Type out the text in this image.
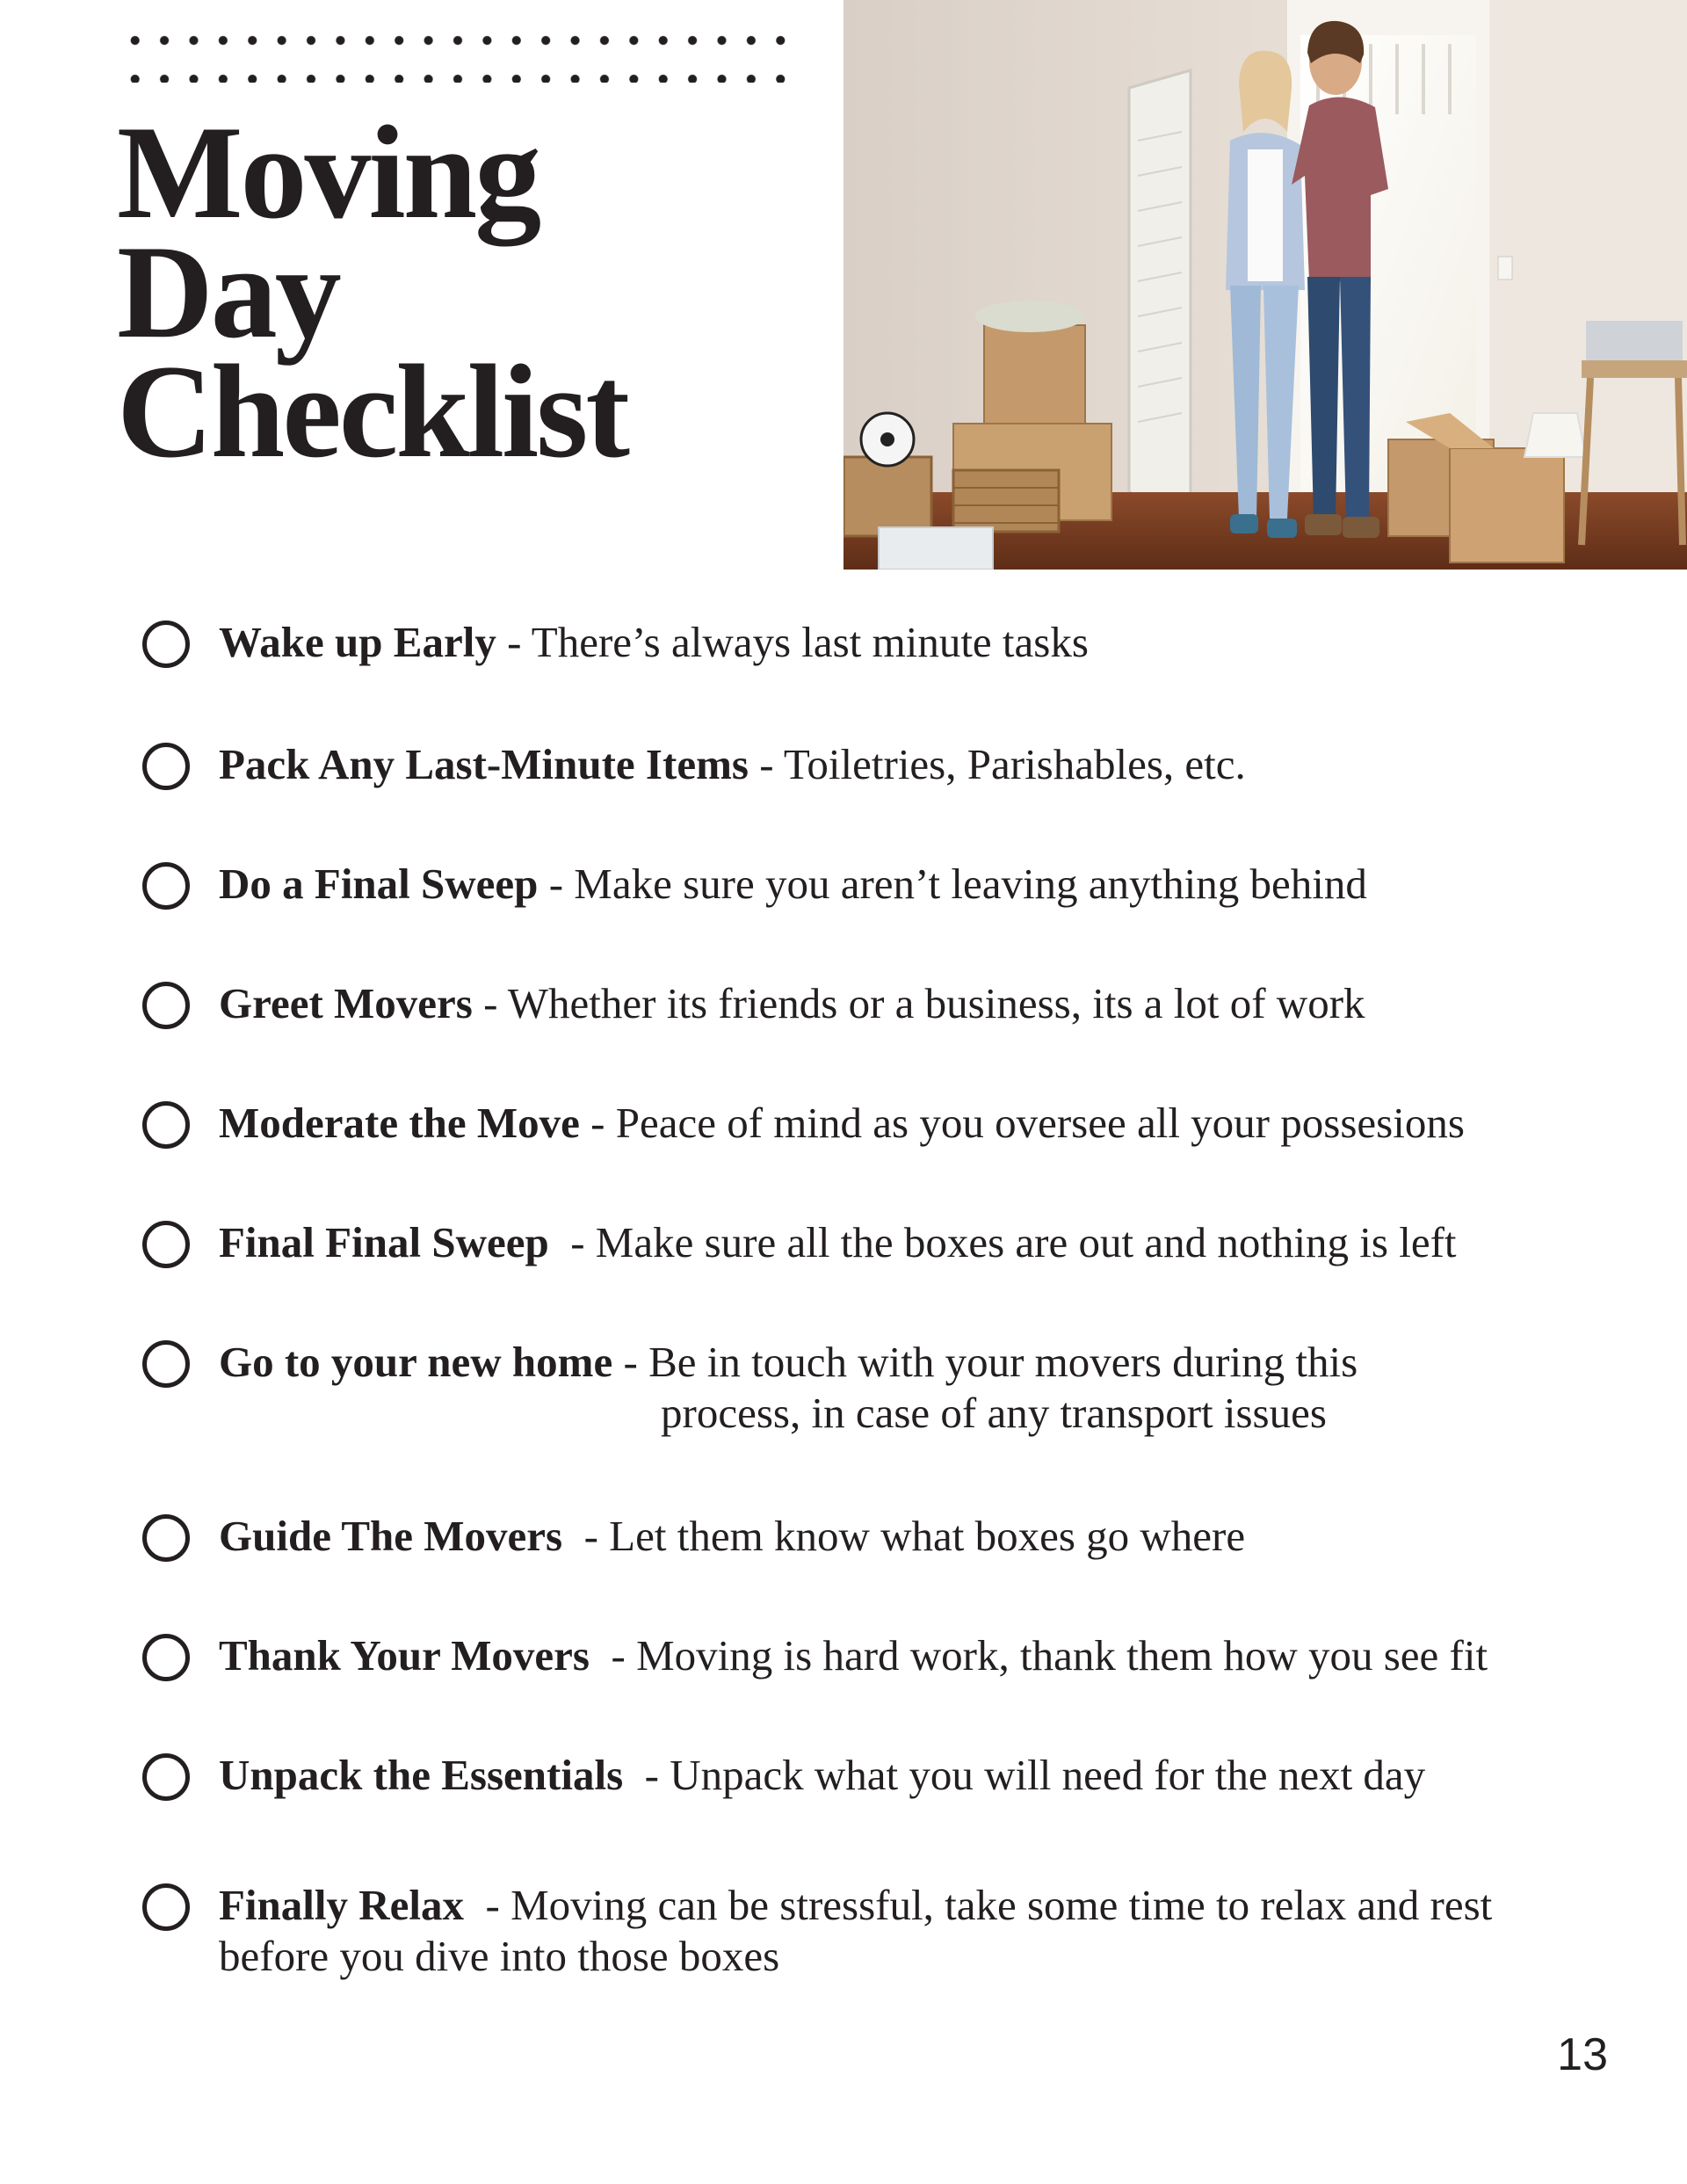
Moving
Day
Checklist
Wake up Early - There’s always last minute tasks
Pack Any Last-Minute Items - Toiletries, Parishables, etc.
Do a Final Sweep - Make sure you aren’t leaving anything behind
Greet Movers - Whether its friends or a business, its a lot of work
Moderate the Move - Peace of mind as you oversee all your possesions
Final Final Sweep  - Make sure all the boxes are out and nothing is left
Go to your new home - Be in touch with your movers during this
process, in case of any transport issues
Guide The Movers  - Let them know what boxes go where
Thank Your Movers  - Moving is hard work, thank them how you see fit
Unpack the Essentials  - Unpack what you will need for the next day
Finally Relax  - Moving can be stressful, take some time to relax and rest
before you dive into those boxes
13
